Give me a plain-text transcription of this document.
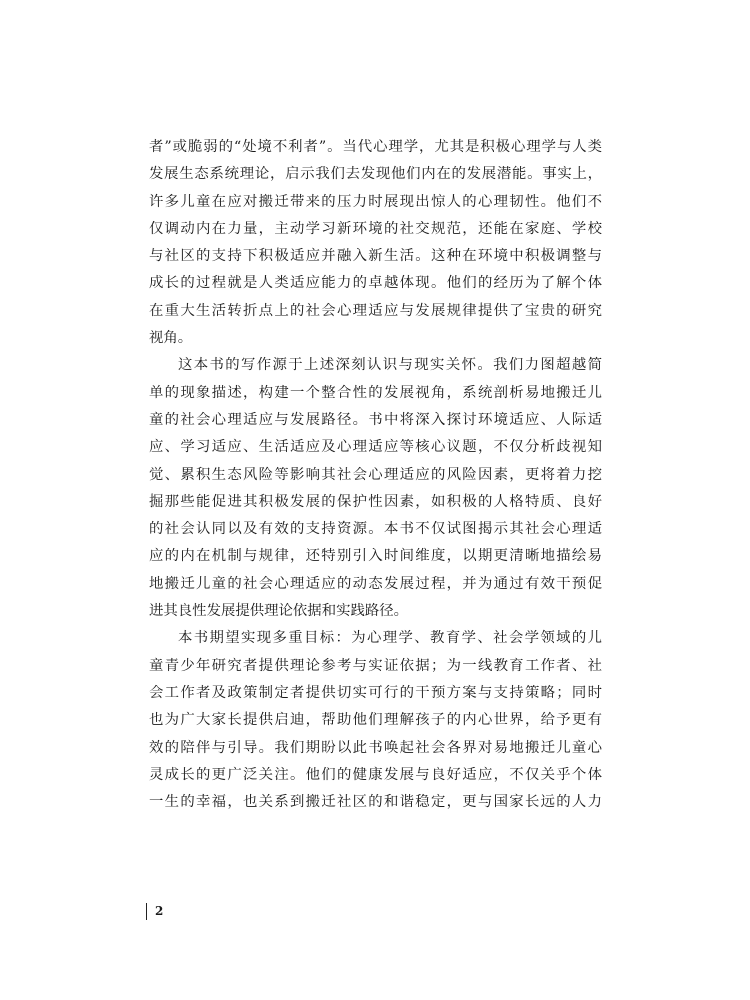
者”或脆弱的“处境不利者”。当代心理学，尤其是积极心理学与人类
发展生态系统理论，启示我们去发现他们内在的发展潜能。事实上，
许多儿童在应对搬迁带来的压力时展现出惊人的心理韧性。他们不
仅调动内在力量，主动学习新环境的社交规范，还能在家庭、学校
与社区的支持下积极适应并融入新生活。这种在环境中积极调整与
成长的过程就是人类适应能力的卓越体现。他们的经历为了解个体
在重大生活转折点上的社会心理适应与发展规律提供了宝贵的研究
视角。
这本书的写作源于上述深刻认识与现实关怀。我们力图超越简
单的现象描述，构建一个整合性的发展视角，系统剖析易地搬迁儿
童的社会心理适应与发展路径。书中将深入探讨环境适应、人际适
应、学习适应、生活适应及心理适应等核心议题，不仅分析歧视知
觉、累积生态风险等影响其社会心理适应的风险因素，更将着力挖
掘那些能促进其积极发展的保护性因素，如积极的人格特质、良好
的社会认同以及有效的支持资源。本书不仅试图揭示其社会心理适
应的内在机制与规律，还特别引入时间维度，以期更清晰地描绘易
地搬迁儿童的社会心理适应的动态发展过程，并为通过有效干预促
进其良性发展提供理论依据和实践路径。
本书期望实现多重目标：为心理学、教育学、社会学领域的儿
童青少年研究者提供理论参考与实证依据；为一线教育工作者、社
会工作者及政策制定者提供切实可行的干预方案与支持策略；同时
也为广大家长提供启迪，帮助他们理解孩子的内心世界，给予更有
效的陪伴与引导。我们期盼以此书唤起社会各界对易地搬迁儿童心
灵成长的更广泛关注。他们的健康发展与良好适应，不仅关乎个体
一生的幸福，也关系到搬迁社区的和谐稳定，更与国家长远的人力
2
